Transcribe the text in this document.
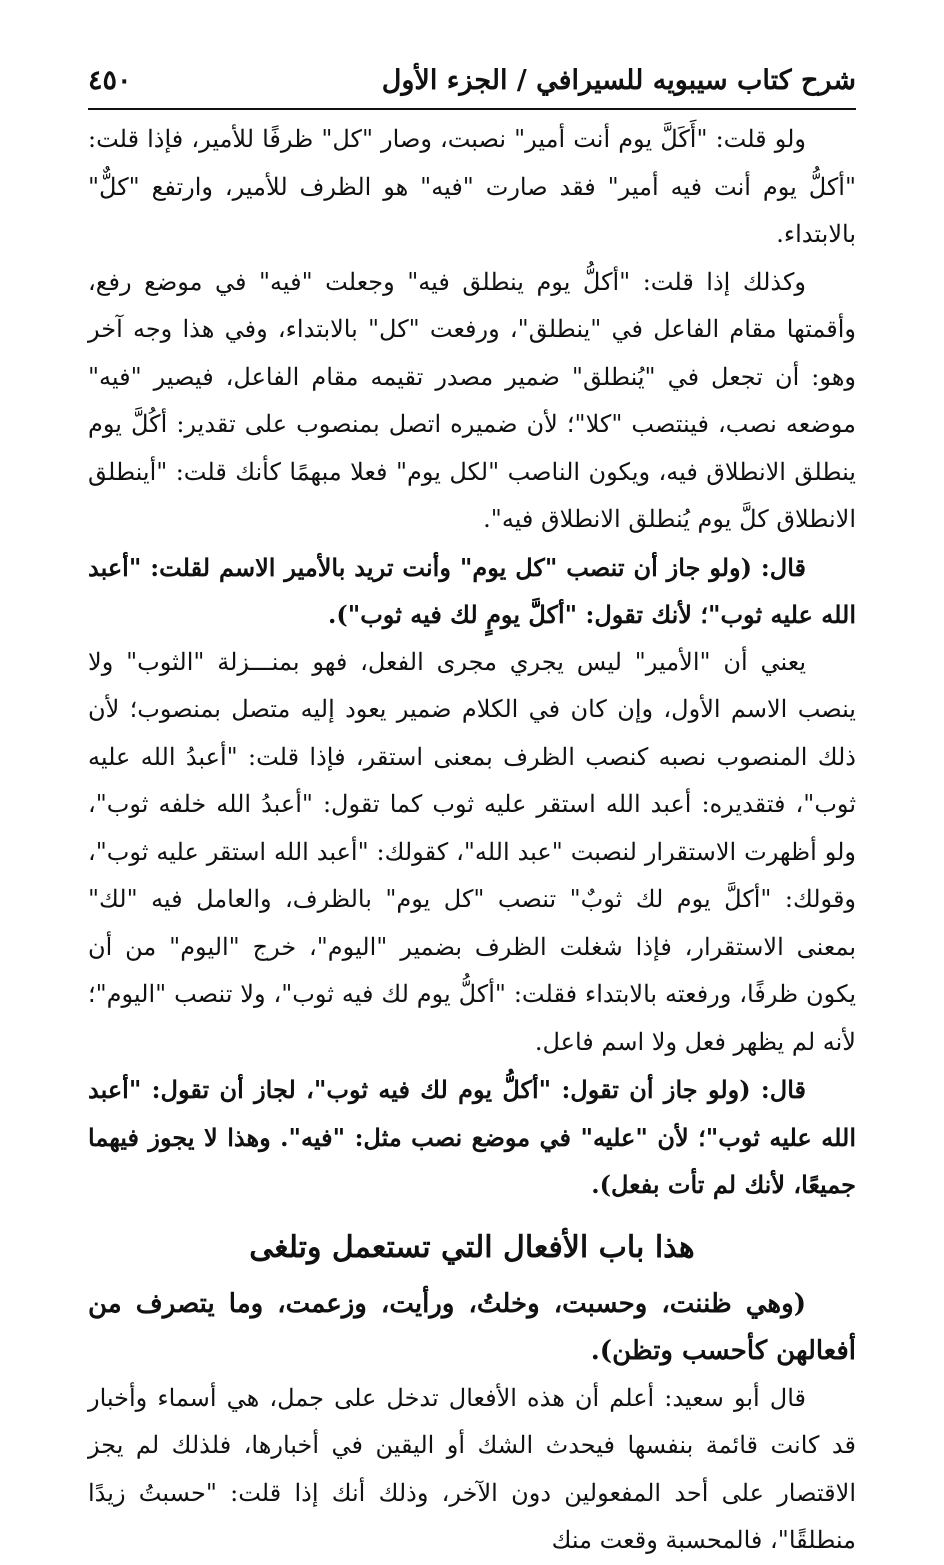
شرح كتاب سيبويه للسيرافي / الجزء الأول
٤٥٠

ولو قلت: "أَكَلَّ يوم أنت أمير" نصبت، وصار "كل" ظرفًا للأمير، فإذا قلت: "أكلُّ يوم أنت فيه أمير" فقد صارت "فيه" هو الظرف للأمير، وارتفع "كلٌّ" بالابتداء.

وكذلك إذا قلت: "أكلُّ يوم ينطلق فيه" وجعلت "فيه" في موضع رفع، وأقمتها مقام الفاعل في "ينطلق"، ورفعت "كل" بالابتداء، وفي هذا وجه آخر وهو: أن تجعل في "يُنطلق" ضمير مصدر تقيمه مقام الفاعل، فيصير "فيه" موضعه نصب، فينتصب "كلا"؛ لأن ضميره اتصل بمنصوب على تقدير: أكُلَّ يوم ينطلق الانطلاق فيه، ويكون الناصب "لكل يوم" فعلا مبهمًا كأنك قلت: "أينطلق الانطلاق كلَّ يوم يُنطلق الانطلاق فيه".

قال: (ولو جاز أن تنصب "كل يوم" وأنت تريد بالأمير الاسم لقلت: "أعبد الله عليه ثوب"؛ لأنك تقول: "أكلَّ يومٍ لك فيه ثوب").

يعني أن "الأمير" ليس يجري مجرى الفعل، فهو بمنـــزلة "الثوب" ولا ينصب الاسم الأول، وإن كان في الكلام ضمير يعود إليه متصل بمنصوب؛ لأن ذلك المنصوب نصبه كنصب الظرف بمعنى استقر، فإذا قلت: "أعبدُ الله عليه ثوب"، فتقديره: أعبد الله استقر عليه ثوب كما تقول: "أعبدُ الله خلفه ثوب"، ولو أظهرت الاستقرار لنصبت "عبد الله"، كقولك: "أعبد الله استقر عليه ثوب"، وقولك: "أكلَّ يوم لك ثوبٌ" تنصب "كل يوم" بالظرف، والعامل فيه "لك" بمعنى الاستقرار، فإذا شغلت الظرف بضمير "اليوم"، خرج "اليوم" من أن يكون ظرفًا، ورفعته بالابتداء فقلت: "أكلُّ يوم لك فيه ثوب"، ولا تنصب "اليوم"؛ لأنه لم يظهر فعل ولا اسم فاعل.

قال: (ولو جاز أن تقول: "أكلُّ يوم لك فيه ثوب"، لجاز أن تقول: "أعبد الله عليه ثوب"؛ لأن "عليه" في موضع نصب مثل: "فيه". وهذا لا يجوز فيهما جميعًا، لأنك لم تأت بفعل).

هذا باب الأفعال التي تستعمل وتلغى

(وهي ظننت، وحسبت، وخلتُ، ورأيت، وزعمت، وما يتصرف من أفعالهن كأحسب وتظن).

قال أبو سعيد: أعلم أن هذه الأفعال تدخل على جمل، هي أسماء وأخبار قد كانت قائمة بنفسها فيحدث الشك أو اليقين في أخبارها، فلذلك لم يجز الاقتصار على أحد المفعولين دون الآخر، وذلك أنك إذا قلت: "حسبتُ زيدًا منطلقًا"، فالمحسبة وقعت منك
